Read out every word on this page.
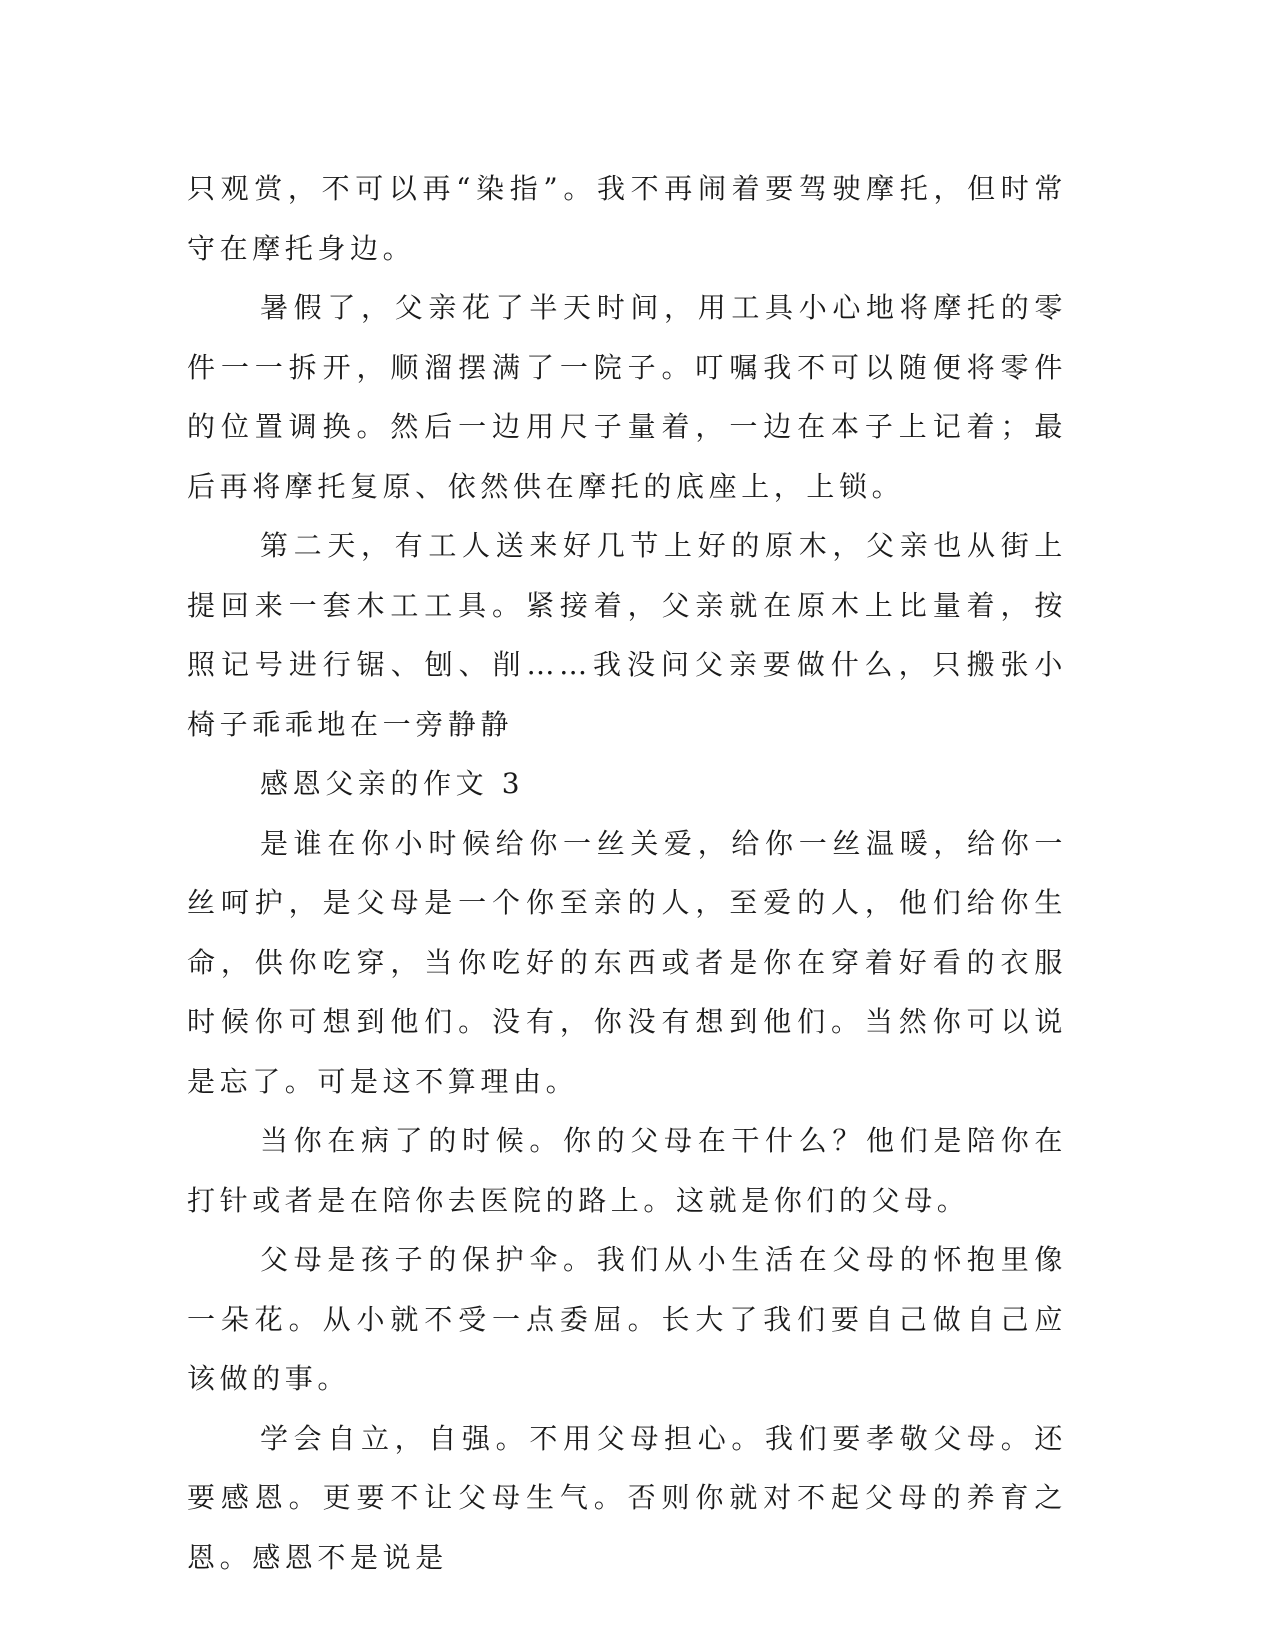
只观赏，不可以再“染指”。我不再闹着要驾驶摩托，但时常守在摩托身边。

暑假了，父亲花了半天时间，用工具小心地将摩托的零件一一拆开，顺溜摆满了一院子。叮嘱我不可以随便将零件的位置调换。然后一边用尺子量着，一边在本子上记着；最后再将摩托复原、依然供在摩托的底座上，上锁。

第二天，有工人送来好几节上好的原木，父亲也从街上提回来一套木工工具。紧接着，父亲就在原木上比量着，按照记号进行锯、刨、削……我没问父亲要做什么，只搬张小椅子乖乖地在一旁静静

感恩父亲的作文 3

是谁在你小时候给你一丝关爱，给你一丝温暖，给你一丝呵护，是父母是一个你至亲的人，至爱的人，他们给你生命，供你吃穿，当你吃好的东西或者是你在穿着好看的衣服时候你可想到他们。没有，你没有想到他们。当然你可以说是忘了。可是这不算理由。

当你在病了的时候。你的父母在干什么？他们是陪你在打针或者是在陪你去医院的路上。这就是你们的父母。

父母是孩子的保护伞。我们从小生活在父母的怀抱里像一朵花。从小就不受一点委屈。长大了我们要自己做自己应该做的事。

学会自立，自强。不用父母担心。我们要孝敬父母。还要感恩。更要不让父母生气。否则你就对不起父母的养育之恩。感恩不是说是
